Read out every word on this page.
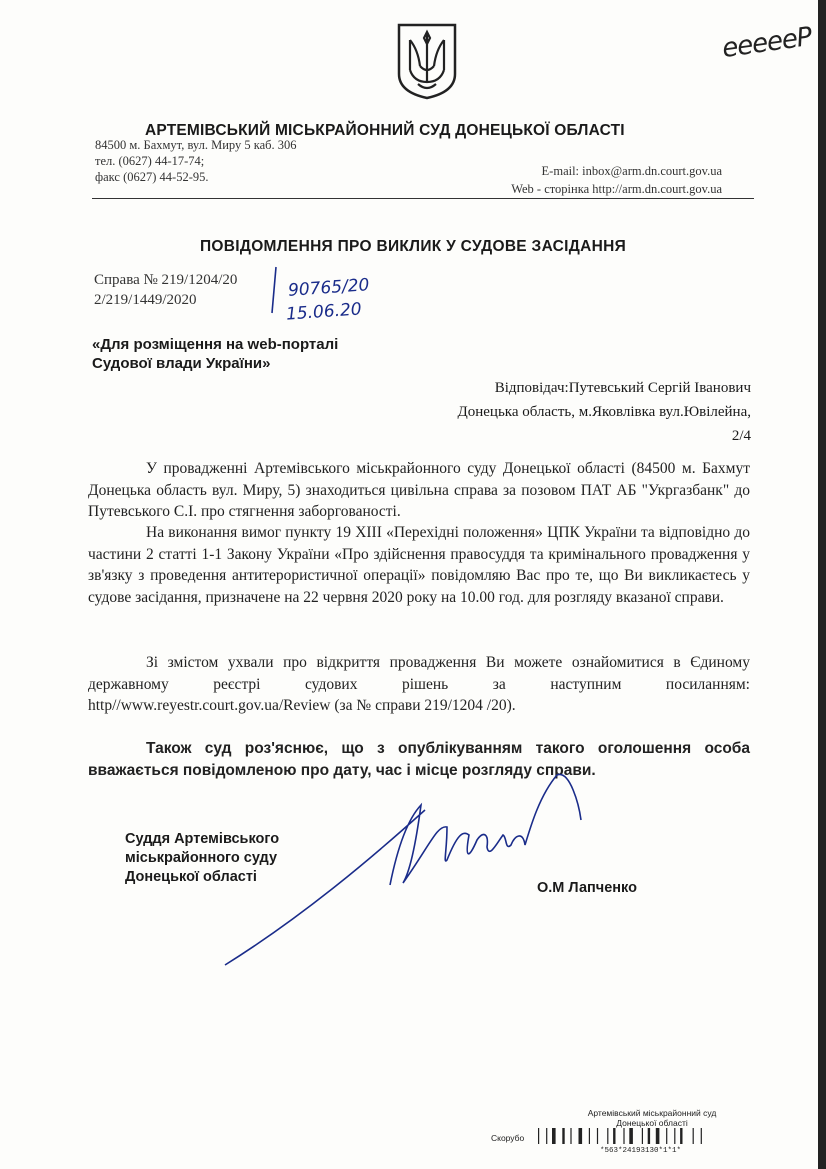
еееееР
АРТЕМІВСЬКИЙ МІСЬКРАЙОННИЙ СУД ДОНЕЦЬКОЇ ОБЛАСТІ
84500 м. Бахмут, вул. Миру 5 каб. 306
тел. (0627) 44-17-74;
факс (0627) 44-52-95.	E-mail: inbox@arm.dn.court.gov.ua
Web - сторінка http://arm.dn.court.gov.ua
ПОВІДОМЛЕННЯ ПРО ВИКЛИК У СУДОВЕ ЗАСІДАННЯ
Справа № 219/1204/20
2/219/1449/2020	90765/20
15.06.20
«Для розміщення на web-порталі
Судової влади України»
Відповідач:Путевський Сергій Іванович
Донецька область, м.Яковлівка вул.Ювілейна,
2/4
У провадженні Артемівського міськрайонного суду Донецької області (84500 м. Бахмут Донецька область вул. Миру, 5) знаходиться цивільна справа за позовом ПАТ АБ "Укргазбанк" до Путевського С.І. про стягнення заборгованості.
На виконання вимог пункту 19 XIII «Перехідні положення» ЦПК України та відповідно до частини 2 статті 1-1 Закону України «Про здійснення правосуддя та кримінального провадження у зв'язку з проведення антитерористичної операції» повідомляю Вас про те, що Ви викликаєтесь у судове засідання, призначене на 22 червня 2020 року на 10.00 год. для розгляду вказаної справи.
Зі змістом ухвали про відкриття провадження Ви можете ознайомитися в Єдиному державному реєстрі судових рішень за наступним посиланням: http//www.reyestr.court.gov.ua/Review (за № справи 219/1204 /20).
Також суд роз'яснює, що з опублікуванням такого оголошення особа вважається повідомленою про дату, час і місце розгляду справи.
Суддя Артемівського
міськрайонного суду
Донецької області
О.М Лапченко
Артемівський міськрайонний суд
Донецької області
Скорубо
*563*24193130*1*1*
